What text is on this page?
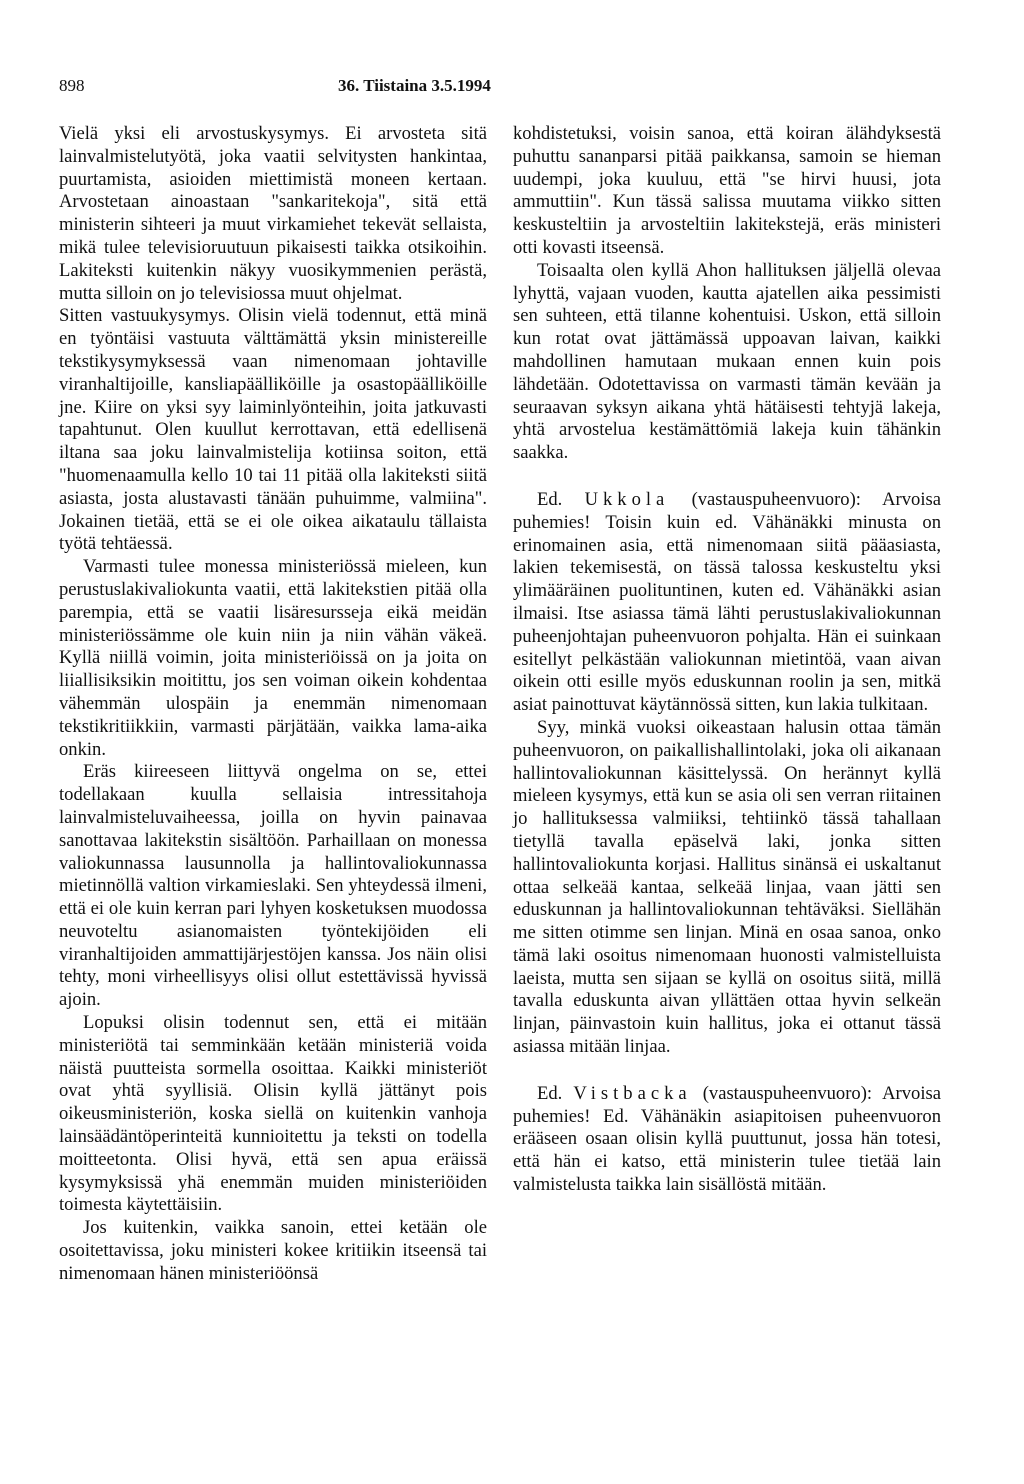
898	36. Tiistaina 3.5.1994

Vielä yksi eli arvostuskysymys. Ei arvosteta sitä lainvalmistelutyötä, joka vaatii selvitysten hankintaa, puurtamista, asioiden miettimistä moneen kertaan. Arvostetaan ainoastaan "sankaritekoja", sitä että ministerin sihteeri ja muut virkamiehet tekevät sellaista, mikä tulee televisioruutuun pikaisesti taikka otsikoihin. Lakiteksti kuitenkin näkyy vuosikymmenien perästä, mutta silloin on jo televisiossa muut ohjelmat.

Sitten vastuukysymys. Olisin vielä todennut, että minä en työntäisi vastuuta välttämättä yksin ministereille tekstikysymyksessä vaan nimenomaan johtaville viranhaltijoille, kansliapäälliköille ja osastopäälliköille jne. Kiire on yksi syy laiminlyönteihin, joita jatkuvasti tapahtunut. Olen kuullut kerrottavan, että edellisenä iltana saa joku lainvalmistelija kotiinsa soiton, että "huomenaamulla kello 10 tai 11 pitää olla lakiteksti siitä asiasta, josta alustavasti tänään puhuimme, valmiina". Jokainen tietää, että se ei ole oikea aikataulu tällaista työtä tehtäessä.

Varmasti tulee monessa ministeriössä mieleen, kun perustuslakivaliokunta vaatii, että lakitekstien pitää olla parempia, että se vaatii lisäresursseja eikä meidän ministeriössämme ole kuin niin ja niin vähän väkeä. Kyllä niillä voimin, joita ministeriöissä on ja joita on liiallisiksikin moitittu, jos sen voiman oikein kohdentaa vähemmän ulospäin ja enemmän nimenomaan tekstikritiikkiin, varmasti pärjätään, vaikka lama-aika onkin.

Eräs kiireeseen liittyvä ongelma on se, ettei todellakaan kuulla sellaisia intressitahoja lainvalmisteluvaiheessa, joilla on hyvin painavaa sanottavaa lakitekstin sisältöön. Parhaillaan on monessa valiokunnassa lausunnolla ja hallintovaliokunnassa mietinnöllä valtion virkamieslaki. Sen yhteydessä ilmeni, että ei ole kuin kerran pari lyhyen kosketuksen muodossa neuvoteltu asianomaisten työntekijöiden eli viranhaltijoiden ammattijärjestöjen kanssa. Jos näin olisi tehty, moni virheellisyys olisi ollut estettävissä hyvissä ajoin.

Lopuksi olisin todennut sen, että ei mitään ministeriötä tai semminkään ketään ministeriä voida näistä puutteista sormella osoittaa. Kaikki ministeriöt ovat yhtä syyllisiä. Olisin kyllä jättänyt pois oikeusministeriön, koska siellä on kuitenkin vanhoja lainsäädäntöperinteitä kunnioitettu ja teksti on todella moitteetonta. Olisi hyvä, että sen apua eräissä kysymyksissä yhä enemmän muiden ministeriöiden toimesta käytettäisiin.

Jos kuitenkin, vaikka sanoin, ettei ketään ole osoitettavissa, joku ministeri kokee kritiikin itseensä tai nimenomaan hänen ministeriöönsä

kohdistetuksi, voisin sanoa, että koiran älähdyksestä puhuttu sananparsi pitää paikkansa, samoin se hieman uudempi, joka kuuluu, että "se hirvi huusi, jota ammuttiin". Kun tässä salissa muutama viikko sitten keskusteltiin ja arvosteltiin lakitekstejä, eräs ministeri otti kovasti itseensä.

Toisaalta olen kyllä Ahon hallituksen jäljellä olevaa lyhyttä, vajaan vuoden, kautta ajatellen aika pessimisti sen suhteen, että tilanne kohentuisi. Uskon, että silloin kun rotat ovat jättämässä uppoavan laivan, kaikki mahdollinen hamutaan mukaan ennen kuin pois lähdetään. Odotettavissa on varmasti tämän kevään ja seuraavan syksyn aikana yhtä hätäisesti tehtyjä lakeja, yhtä arvostelua kestämättömiä lakeja kuin tähänkin saakka.

Ed. Ukkola (vastauspuheenvuoro): Arvoisa puhemies! Toisin kuin ed. Vähänäkki minusta on erinomainen asia, että nimenomaan siitä pääasiasta, lakien tekemisestä, on tässä talossa keskusteltu yksi ylimääräinen puolituntinen, kuten ed. Vähänäkki asian ilmaisi. Itse asiassa tämä lähti perustuslakivaliokunnan puheenjohtajan puheenvuoron pohjalta. Hän ei suinkaan esitellyt pelkästään valiokunnan mietintöä, vaan aivan oikein otti esille myös eduskunnan roolin ja sen, mitkä asiat painottuvat käytännössä sitten, kun lakia tulkitaan.

Syy, minkä vuoksi oikeastaan halusin ottaa tämän puheenvuoron, on paikallishallintolaki, joka oli aikanaan hallintovaliokunnan käsittelyssä. On herännyt kyllä mieleen kysymys, että kun se asia oli sen verran riitainen jo hallituksessa valmiiksi, tehtiinkö tässä tahallaan tietyllä tavalla epäselvä laki, jonka sitten hallintovaliokunta korjasi. Hallitus sinänsä ei uskaltanut ottaa selkeää kantaa, selkeää linjaa, vaan jätti sen eduskunnan ja hallintovaliokunnan tehtäväksi. Siellähän me sitten otimme sen linjan. Minä en osaa sanoa, onko tämä laki osoitus nimenomaan huonosti valmistelluista laeista, mutta sen sijaan se kyllä on osoitus siitä, millä tavalla eduskunta aivan yllättäen ottaa hyvin selkeän linjan, päinvastoin kuin hallitus, joka ei ottanut tässä asiassa mitään linjaa.

Ed. Vistbacka (vastauspuheenvuoro): Arvoisa puhemies! Ed. Vähänäkin asiapitoisen puheenvuoron erääseen osaan olisin kyllä puuttunut, jossa hän totesi, että hän ei katso, että ministerin tulee tietää lain valmistelusta taikka lain sisällöstä mitään.
